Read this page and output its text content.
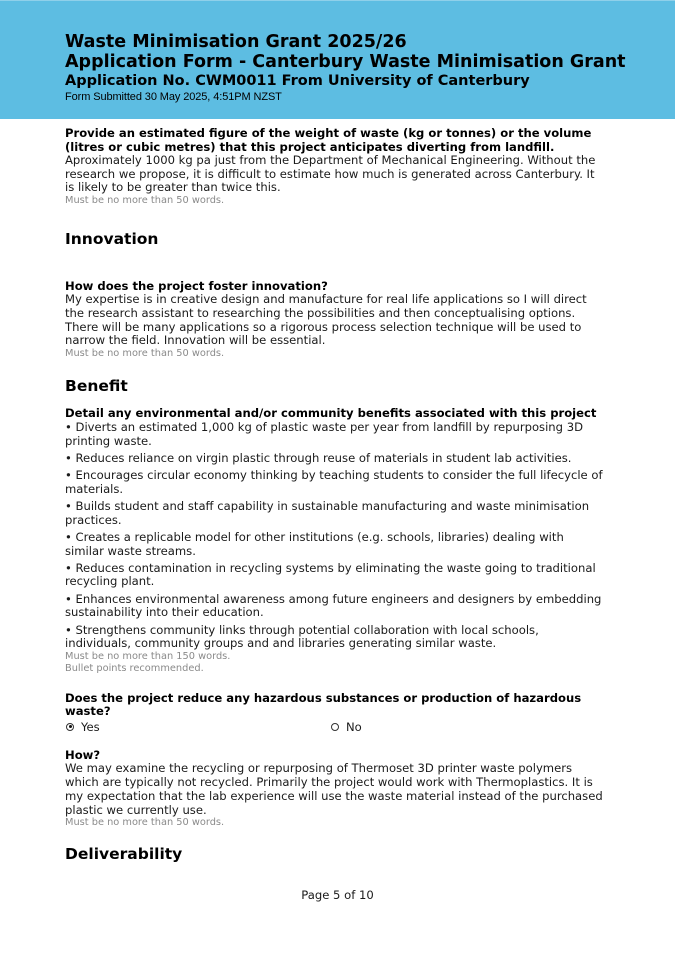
Waste Minimisation Grant 2025/26
Application Form - Canterbury Waste Minimisation Grant
Application No. CWM0011 From University of Canterbury
Form Submitted 30 May 2025, 4:51PM NZST
Provide an estimated figure of the weight of waste (kg or tonnes) or the volume (litres or cubic metres) that this project anticipates diverting from landfill.
Aproximately 1000 kg pa just from the Department of Mechanical Engineering. Without the research we propose, it is difficult to estimate how much is generated across Canterbury. It is likely to be greater than twice this.
Must be no more than 50 words.
Innovation
How does the project foster innovation?
My expertise is in creative design and manufacture for real life applications so I will direct the research assistant to researching the possibilities and then conceptualising options. There will be many applications so a rigorous process selection technique will be used to narrow the field. Innovation will be essential.
Must be no more than 50 words.
Benefit
Detail any environmental and/or community benefits associated with this project
• Diverts an estimated 1,000 kg of plastic waste per year from landfill by repurposing 3D printing waste.
• Reduces reliance on virgin plastic through reuse of materials in student lab activities.
• Encourages circular economy thinking by teaching students to consider the full lifecycle of materials.
• Builds student and staff capability in sustainable manufacturing and waste minimisation practices.
• Creates a replicable model for other institutions (e.g. schools, libraries) dealing with similar waste streams.
• Reduces contamination in recycling systems by eliminating the waste going to traditional recycling plant.
• Enhances environmental awareness among future engineers and designers by embedding sustainability into their education.
• Strengthens community links through potential collaboration with local schools, individuals, community groups and and libraries generating similar waste.
Must be no more than 150 words.
Bullet points recommended.
Does the project reduce any hazardous substances or production of hazardous waste?
Yes	No
How?
We may examine the recycling or repurposing of Thermoset 3D printer waste polymers which are typically not recycled. Primarily the project would work with Thermoplastics. It is my expectation that the lab experience will use the waste material instead of the purchased plastic we currently use.
Must be no more than 50 words.
Deliverability
Page 5 of 10
